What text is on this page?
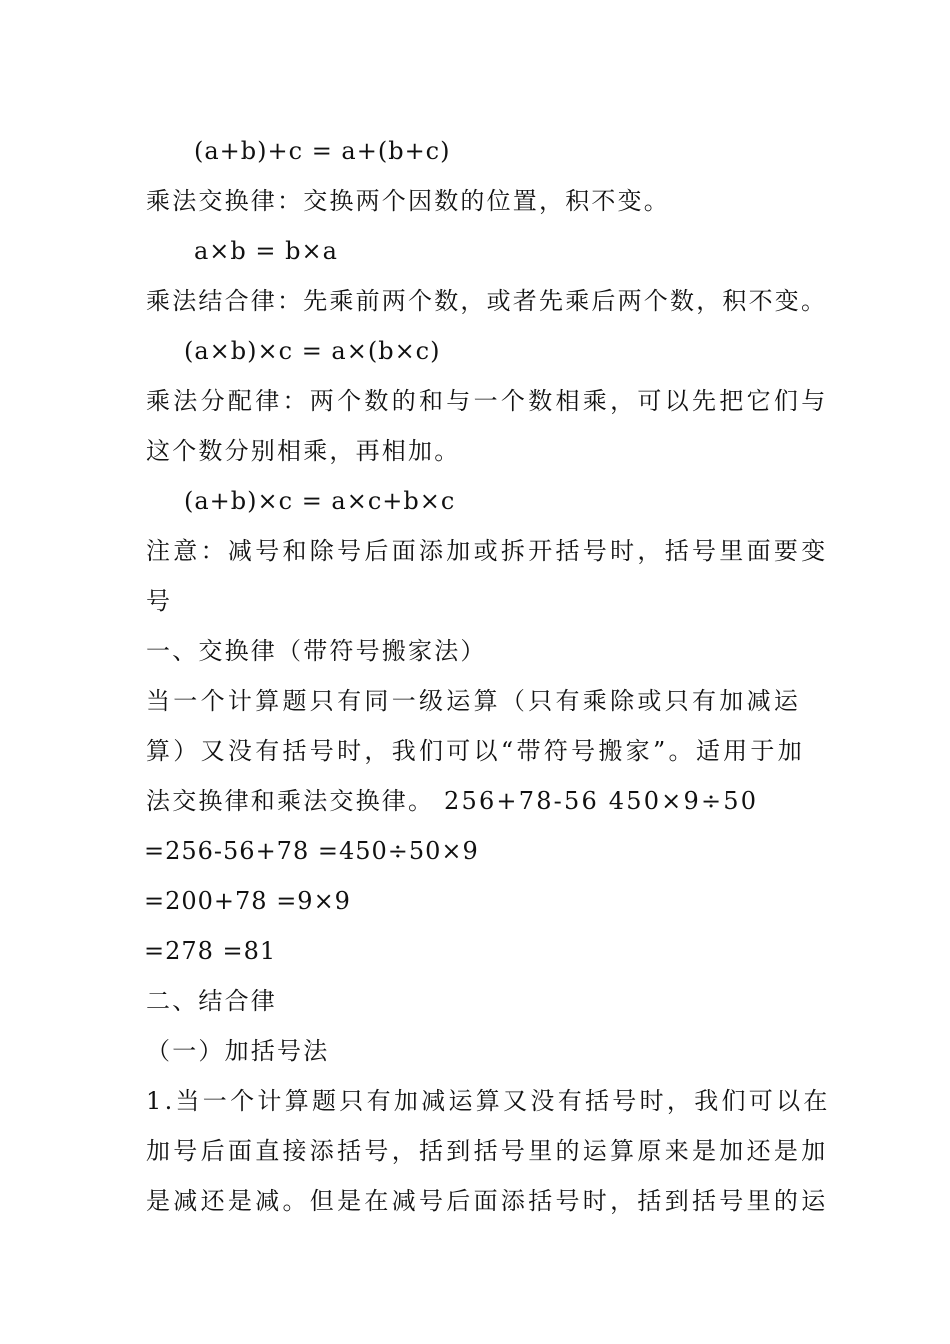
(a+b)+c = a+(b+c)
乘法交换律：交换两个因数的位置，积不变。
a×b = b×a
乘法结合律：先乘前两个数，或者先乘后两个数，积不变。
(a×b)×c = a×(b×c)
乘法分配律：两个数的和与一个数相乘，可以先把它们与
这个数分别相乘，再相加。
(a+b)×c = a×c+b×c
注意：减号和除号后面添加或拆开括号时，括号里面要变
号
一、交换律（带符号搬家法）
当一个计算题只有同一级运算（只有乘除或只有加减运
算）又没有括号时，我们可以“带符号搬家”。适用于加
法交换律和乘法交换律。 256+78-56 450×9÷50
=256-56+78 =450÷50×9
=200+78 =9×9
=278 =81
二、结合律
（一）加括号法
1.当一个计算题只有加减运算又没有括号时，我们可以在
加号后面直接添括号，括到括号里的运算原来是加还是加
是减还是减。但是在减号后面添括号时，括到括号里的运
